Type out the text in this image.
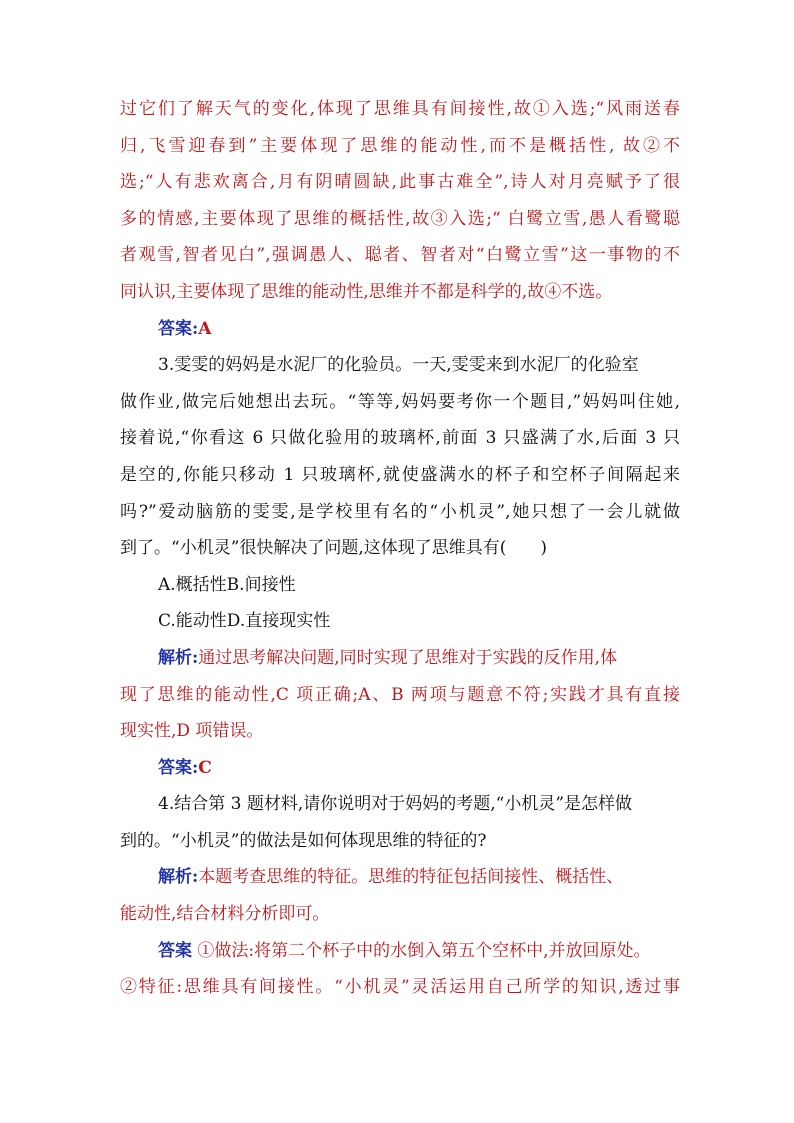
过它们了解天气的变化,体现了思维具有间接性,故①入选;“风雨送春
归,飞雪迎春到”主要体现了思维的能动性,而不是概括性, 故②不
选;“人有悲欢离合,月有阴晴圆缺,此事古难全”,诗人对月亮赋予了很
多的情感,主要体现了思维的概括性,故③入选;“ 白鹭立雪,愚人看鹭聪
者观雪,智者见白”,强调愚人、聪者、智者对“白鹭立雪”这一事物的不
同认识,主要体现了思维的能动性,思维并不都是科学的,故④不选。
答案:A
3.雯雯的妈妈是水泥厂的化验员。一天,雯雯来到水泥厂的化验室
做作业,做完后她想出去玩。“等等,妈妈要考你一个题目,”妈妈叫住她,
接着说,“你看这 6 只做化验用的玻璃杯,前面 3 只盛满了水,后面 3 只
是空的,你能只移动 1 只玻璃杯,就使盛满水的杯子和空杯子间隔起来
吗?”爱动脑筋的雯雯,是学校里有名的“小机灵”,她只想了一会儿就做
到了。“小机灵”很快解决了问题,这体现了思维具有(　　)
A.概括性B.间接性
C.能动性D.直接现实性
解析:通过思考解决问题,同时实现了思维对于实践的反作用,体
现了思维的能动性,C 项正确;A、B 两项与题意不符;实践才具有直接
现实性,D 项错误。
答案:C
4.结合第 3 题材料,请你说明对于妈妈的考题,“小机灵”是怎样做
到的。“小机灵”的做法是如何体现思维的特征的?
解析:本题考查思维的特征。思维的特征包括间接性、概括性、
能动性,结合材料分析即可。
答案 ①做法:将第二个杯子中的水倒入第五个空杯中,并放回原处。
②特征:思维具有间接性。“小机灵”灵活运用自己所学的知识,透过事
